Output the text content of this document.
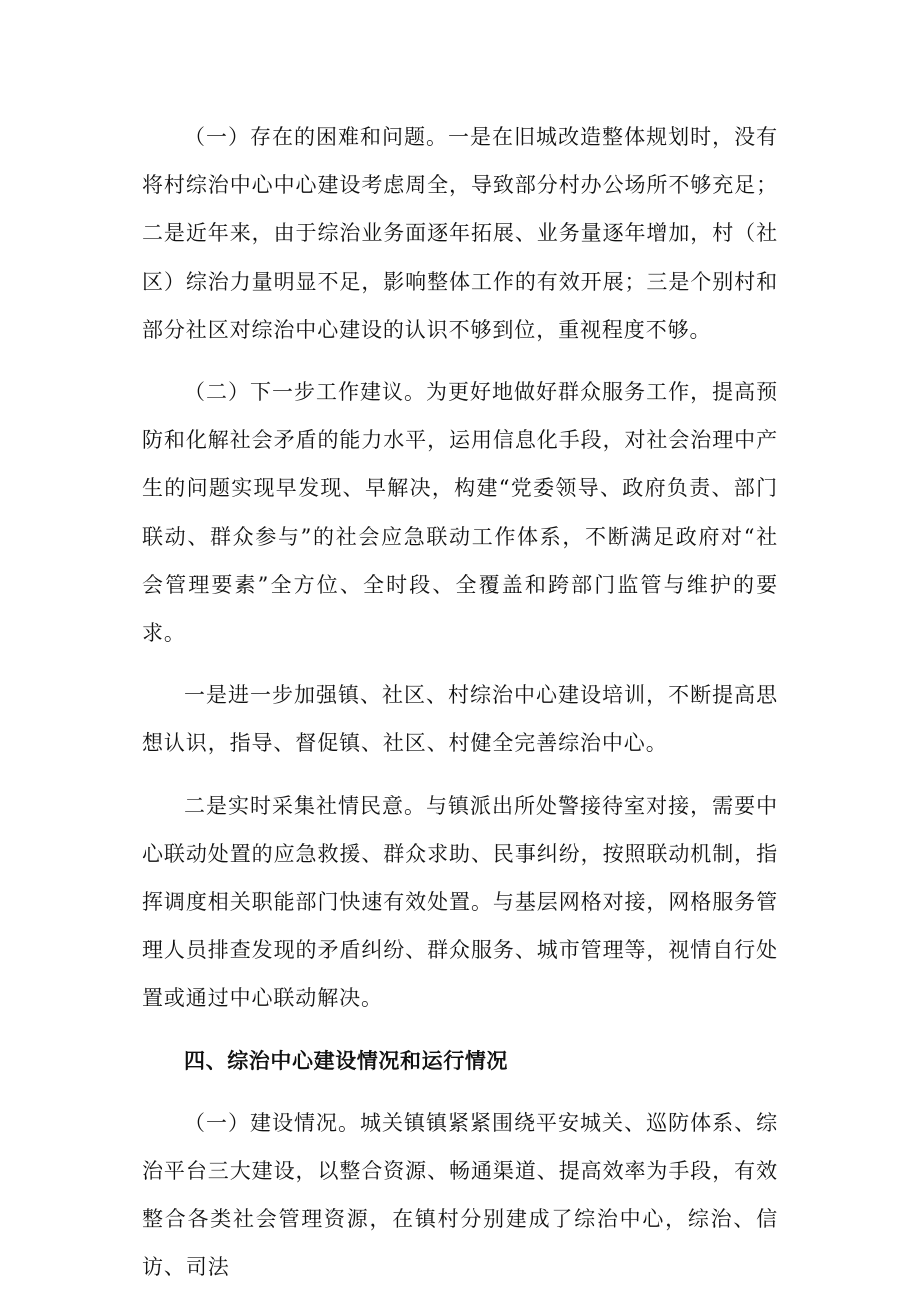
（一）存在的困难和问题。一是在旧城改造整体规划时，没有将村综治中心中心建设考虑周全，导致部分村办公场所不够充足；二是近年来，由于综治业务面逐年拓展、业务量逐年增加，村（社区）综治力量明显不足，影响整体工作的有效开展；三是个别村和部分社区对综治中心建设的认识不够到位，重视程度不够。

（二）下一步工作建议。为更好地做好群众服务工作，提高预防和化解社会矛盾的能力水平，运用信息化手段，对社会治理中产生的问题实现早发现、早解决，构建“党委领导、政府负责、部门联动、群众参与”的社会应急联动工作体系，不断满足政府对“社会管理要素”全方位、全时段、全覆盖和跨部门监管与维护的要求。

一是进一步加强镇、社区、村综治中心建设培训，不断提高思想认识，指导、督促镇、社区、村健全完善综治中心。

二是实时采集社情民意。与镇派出所处警接待室对接，需要中心联动处置的应急救援、群众求助、民事纠纷，按照联动机制，指挥调度相关职能部门快速有效处置。与基层网格对接，网格服务管理人员排查发现的矛盾纠纷、群众服务、城市管理等，视情自行处置或通过中心联动解决。

四、综治中心建设情况和运行情况

（一）建设情况。城关镇镇紧紧围绕平安城关、巡防体系、综治平台三大建设，以整合资源、畅通渠道、提高效率为手段，有效整合各类社会管理资源，在镇村分别建成了综治中心，综治、信访、司法
